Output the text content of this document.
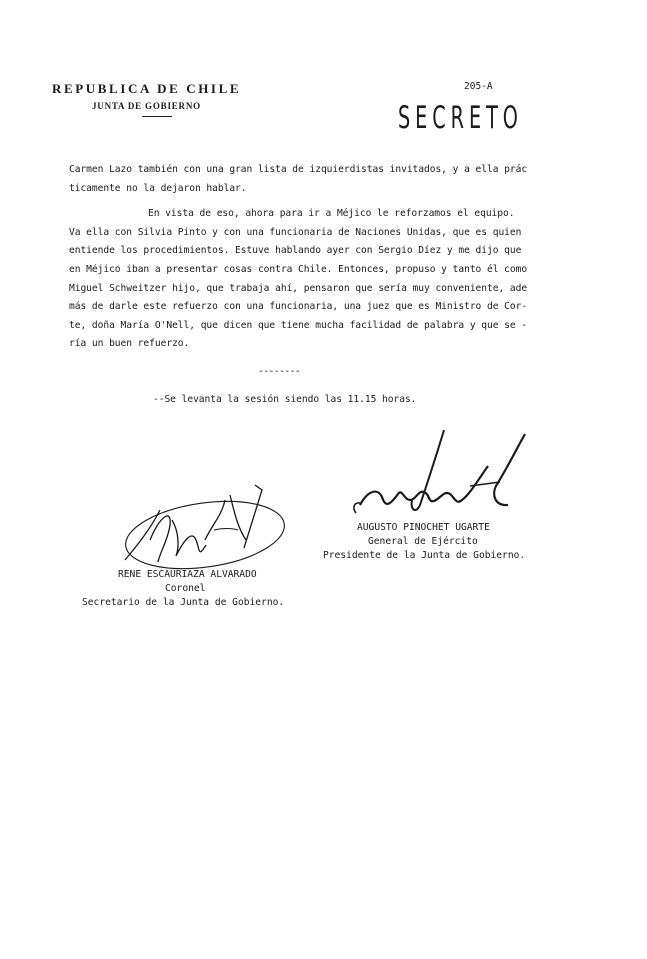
REPUBLICA DE CHILE
JUNTA DE GOBIERNO
205-A
SECRETO
Carmen Lazo también con una gran lista de izquierdistas invitados, y a ella prác
ticamente no la dejaron hablar.
En vista de eso, ahora para ir a Méjico le reforzamos el equipo.
Va ella con Silvia Pinto y con una funcionaria de Naciones Unidas, que es quien
entiende los procedimientos. Estuve hablando ayer con Sergio Díez y me dijo que
en Méjico iban a presentar cosas contra Chile. Entonces, propuso y tanto él como
Miguel Schweitzer hijo, que trabaja ahí, pensaron que sería muy conveniente, ade
más de darle este refuerzo con una funcionaria, una juez que es Ministro de Cor-
te, doña María O'Nell, que dicen que tiene mucha facilidad de palabra y que se -
ría un buen refuerzo.
--------
--Se levanta la sesión siendo las 11.15 horas.
AUGUSTO PINOCHET UGARTE
General de Ejército
Presidente de la Junta de Gobierno.
RENE ESCAURIAZA ALVARADO
Coronel
Secretario de la Junta de Gobierno.
